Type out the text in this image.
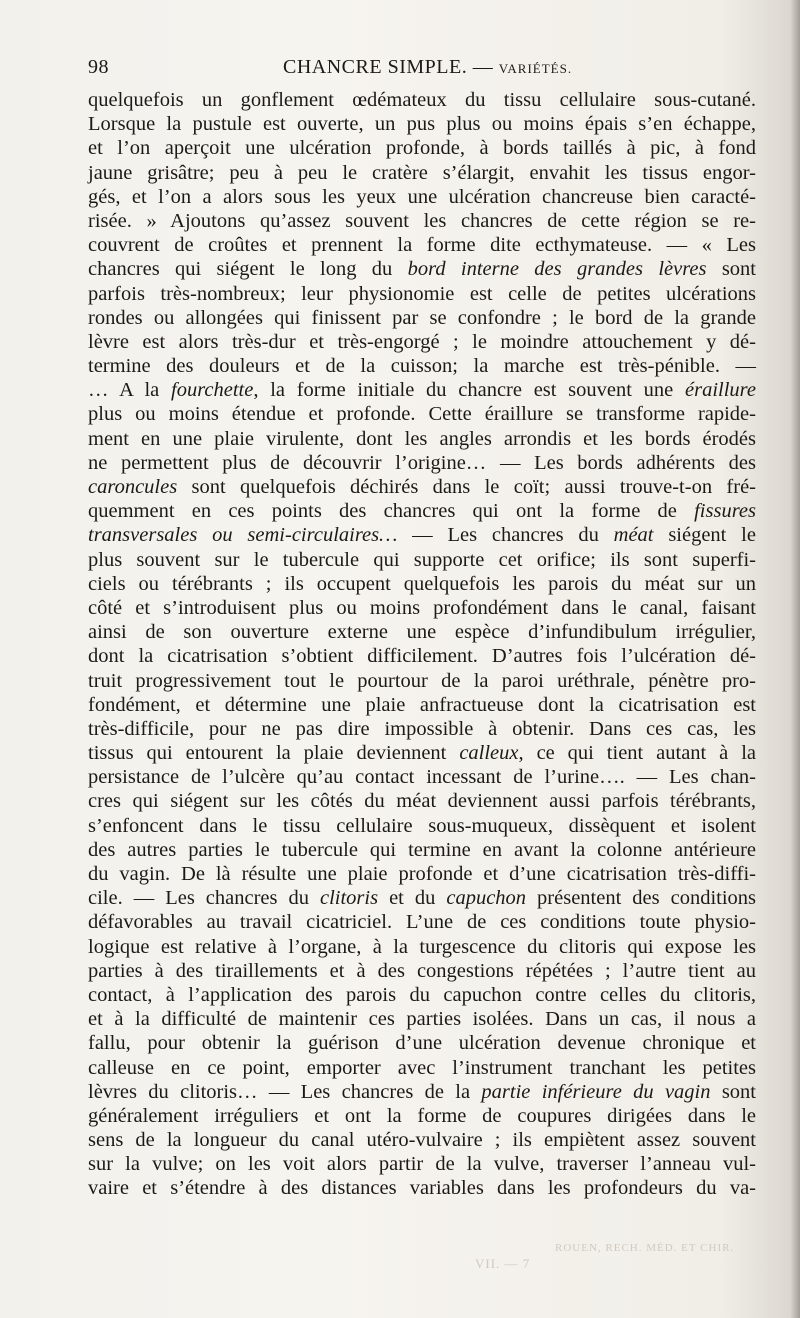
98	CHANCRE SIMPLE. — VARIÉTÉS.
quelquefois un gonflement œdémateux du tissu cellulaire sous-cutané.
Lorsque la pustule est ouverte, un pus plus ou moins épais s’en échappe,
et l’on aperçoit une ulcération profonde, à bords taillés à pic, à fond
jaune grisâtre; peu à peu le cratère s’élargit, envahit les tissus engor-
gés, et l’on a alors sous les yeux une ulcération chancreuse bien caracté-
risée. » Ajoutons qu’assez souvent les chancres de cette région se re-
couvrent de croûtes et prennent la forme dite ecthymateuse. — « Les
chancres qui siégent le long du bord interne des grandes lèvres sont
parfois très-nombreux; leur physionomie est celle de petites ulcérations
rondes ou allongées qui finissent par se confondre ; le bord de la grande
lèvre est alors très-dur et très-engorgé ; le moindre attouchement y dé-
termine des douleurs et de la cuisson; la marche est très-pénible. —
… A la fourchette, la forme initiale du chancre est souvent une éraillure
plus ou moins étendue et profonde. Cette éraillure se transforme rapide-
ment en une plaie virulente, dont les angles arrondis et les bords érodés
ne permettent plus de découvrir l’origine… — Les bords adhérents des
caroncules sont quelquefois déchirés dans le coït; aussi trouve-t-on fré-
quemment en ces points des chancres qui ont la forme de fissures
transversales ou semi-circulaires… — Les chancres du méat siégent le
plus souvent sur le tubercule qui supporte cet orifice; ils sont superfi-
ciels ou térébrants ; ils occupent quelquefois les parois du méat sur un
côté et s’introduisent plus ou moins profondément dans le canal, faisant
ainsi de son ouverture externe une espèce d’infundibulum irrégulier,
dont la cicatrisation s’obtient difficilement. D’autres fois l’ulcération dé-
truit progressivement tout le pourtour de la paroi uréthrale, pénètre pro-
fondément, et détermine une plaie anfractueuse dont la cicatrisation est
très-difficile, pour ne pas dire impossible à obtenir. Dans ces cas, les
tissus qui entourent la plaie deviennent calleux, ce qui tient autant à la
persistance de l’ulcère qu’au contact incessant de l’urine…. — Les chan-
cres qui siégent sur les côtés du méat deviennent aussi parfois térébrants,
s’enfoncent dans le tissu cellulaire sous-muqueux, dissèquent et isolent
des autres parties le tubercule qui termine en avant la colonne antérieure
du vagin. De là résulte une plaie profonde et d’une cicatrisation très-diffi-
cile. — Les chancres du clitoris et du capuchon présentent des conditions
défavorables au travail cicatriciel. L’une de ces conditions toute physio-
logique est relative à l’organe, à la turgescence du clitoris qui expose les
parties à des tiraillements et à des congestions répétées ; l’autre tient au
contact, à l’application des parois du capuchon contre celles du clitoris,
et à la difficulté de maintenir ces parties isolées. Dans un cas, il nous a
fallu, pour obtenir la guérison d’une ulcération devenue chronique et
calleuse en ce point, emporter avec l’instrument tranchant les petites
lèvres du clitoris… — Les chancres de la partie inférieure du vagin sont
généralement irréguliers et ont la forme de coupures dirigées dans le
sens de la longueur du canal utéro-vulvaire ; ils empiètent assez souvent
sur la vulve; on les voit alors partir de la vulve, traverser l’anneau vul-
vaire et s’étendre à des distances variables dans les profondeurs du va-
ROUEN, RECH. MÉD. ET CHIR.
VII. — 7
